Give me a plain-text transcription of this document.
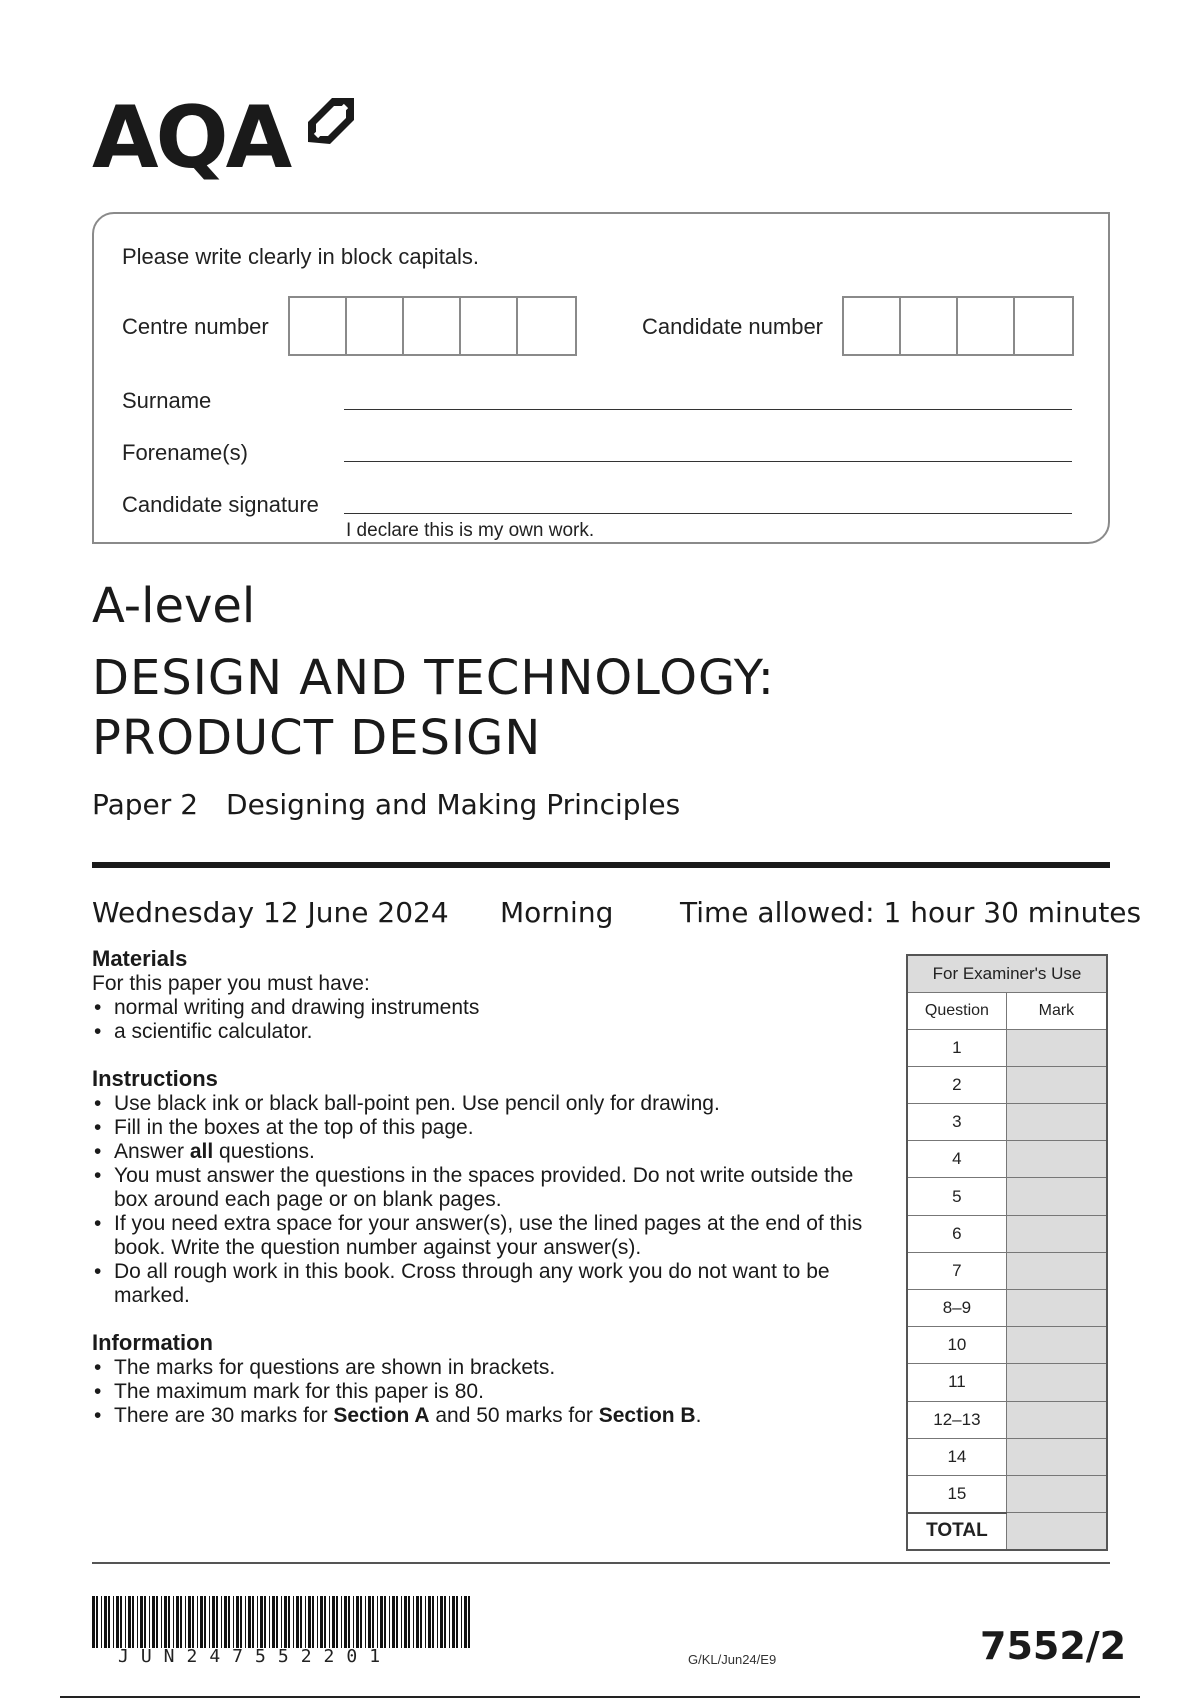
AQA
Please write clearly in block capitals.
Centre number	Candidate number
Surname
Forename(s)
Candidate signature
I declare this is my own work.
A-level
DESIGN AND TECHNOLOGY:
PRODUCT DESIGN
Paper 2 Designing and Making Principles
Wednesday 12 June 2024 Morning Time allowed: 1 hour 30 minutes
Materials

For this paper you must have:

• normal writing and drawing instruments
• a scientific calculator.
Instructions
• Use black ink or black ball-point pen. Use pencil only for drawing.
• Fill in the boxes at the top of this page.
• Answer all questions.
• You must answer the questions in the spaces provided. Do not write outside the box around each page or on blank pages.
• If you need extra space for your answer(s), use the lined pages at the end of this book. Write the question number against your answer(s).
• Do all rough work in this book. Cross through any work you do not want to be marked.
Information
• The marks for questions are shown in brackets.
• The maximum mark for this paper is 80.
• There are 30 marks for Section A and 50 marks for Section B.
For Examiner's Use	
Question	Mark
1	
2	
3	
4	
5	
6	
7	
8–9	
10	
11	
12–13	
14	
15	
TOTAL	
JUN247552201	G/KL/Jun24/E9	7552/2
